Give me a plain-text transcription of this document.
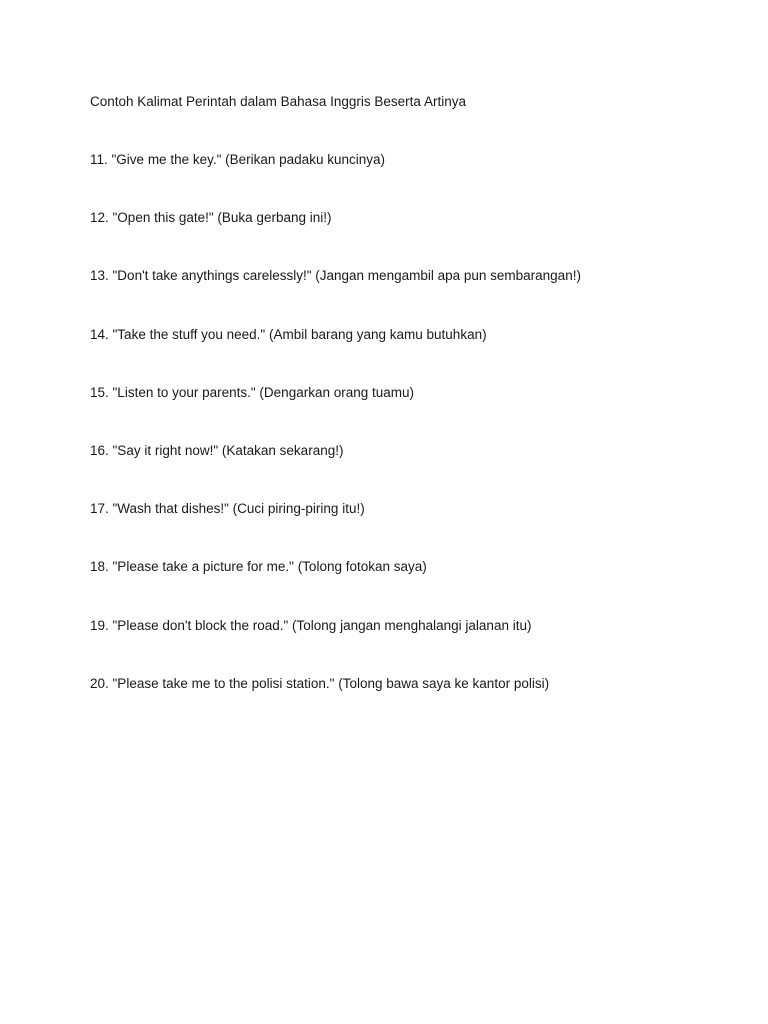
Contoh Kalimat Perintah dalam Bahasa Inggris Beserta Artinya
11. "Give me the key." (Berikan padaku kuncinya)
12. "Open this gate!" (Buka gerbang ini!)
13. "Don't take anythings carelessly!" (Jangan mengambil apa pun sembarangan!)
14. "Take the stuff you need." (Ambil barang yang kamu butuhkan)
15. "Listen to your parents." (Dengarkan orang tuamu)
16. "Say it right now!" (Katakan sekarang!)
17. "Wash that dishes!" (Cuci piring-piring itu!)
18. "Please take a picture for me." (Tolong fotokan saya)
19. "Please don't block the road." (Tolong jangan menghalangi jalanan itu)
20. "Please take me to the polisi station." (Tolong bawa saya ke kantor polisi)
